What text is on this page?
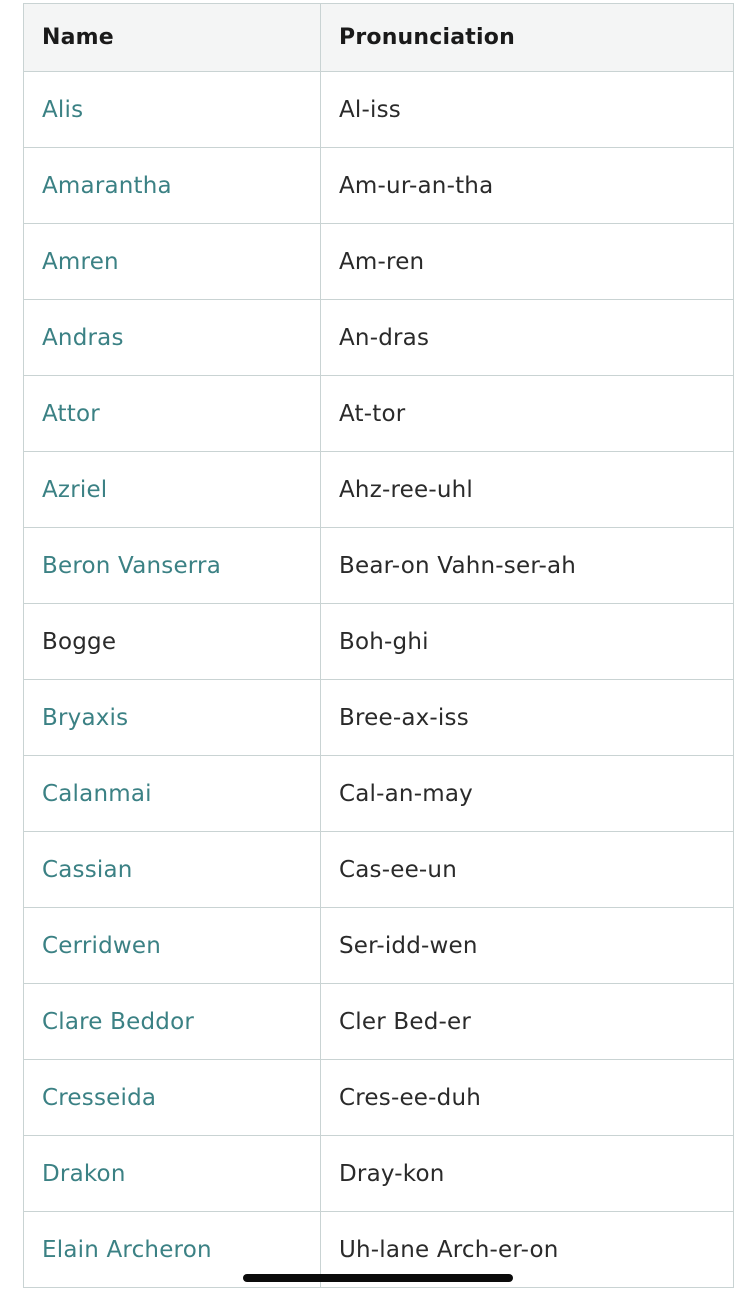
Name	Pronunciation
Alis	Al-iss
Amarantha	Am-ur-an-tha
Amren	Am-ren
Andras	An-dras
Attor	At-tor
Azriel	Ahz-ree-uhl
Beron Vanserra	Bear-on Vahn-ser-ah
Bogge	Boh-ghi
Bryaxis	Bree-ax-iss
Calanmai	Cal-an-may
Cassian	Cas-ee-un
Cerridwen	Ser-idd-wen
Clare Beddor	Cler Bed-er
Cresseida	Cres-ee-duh
Drakon	Dray-kon
Elain Archeron	Uh-lane Arch-er-on
